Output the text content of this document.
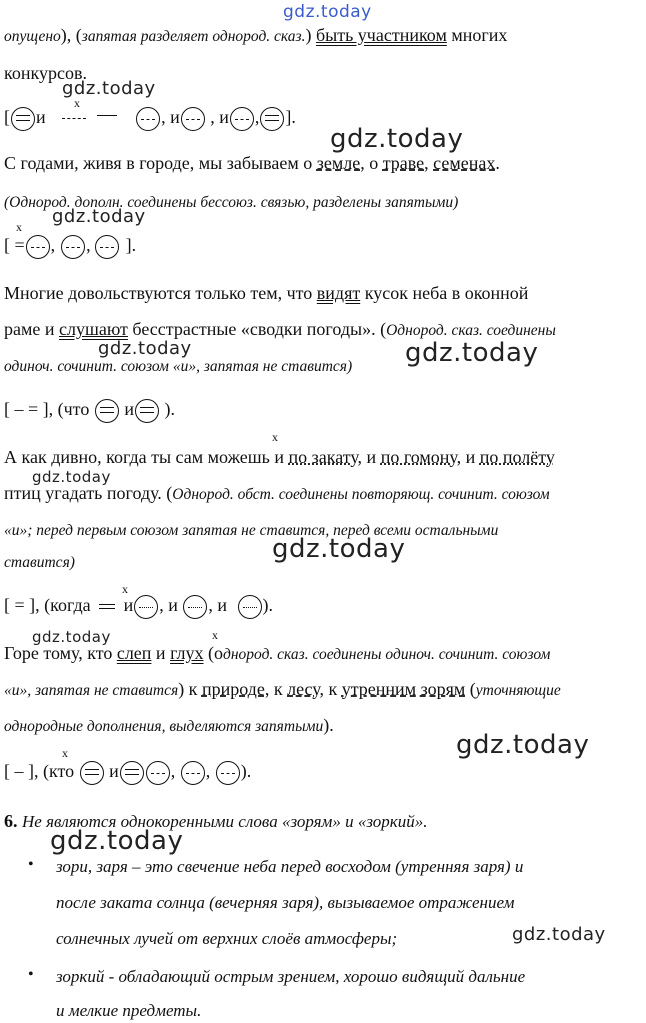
gdz.today
gdz.today
gdz.today
gdz.today
gdz.today	gdz.today
gdz.today
gdz.today
gdz.today
gdz.today
gdz.today
gdz.today
опущено), (запятая разделяет однород. сказ.) быть участником многих
конкурсов.
x
[ и	, и , и , ].
С годами, живя в городе, мы забываем о земле, о траве, семенах.
(Однород. дополн. соединены бессоюз. связью, разделены запятыми)
x
[ = , , ].
Многие довольствуются только тем, что видят кусок неба в оконной
раме и слушают бесстрастные «сводки погоды». (Однород. сказ. соединены
одиноч. сочинит. союзом «и», запятая не ставится)
[ – = ], (что и ).
x
А как дивно, когда ты сам можешь и по закату, и по гомону, и по полёту
птиц угадать погоду. (Однород. обст. соединены повторяющ. сочинит. союзом
«и»; перед первым союзом запятая не ставится, перед всеми остальными
ставится)
x
[ = ], (когда и , и , и ).
x
Горе тому, кто слеп и глух (однород. сказ. соединены одиноч. сочинит. союзом
«и», запятая не ставится) к природе, к лесу, к утренним зорям (уточняющие
однородные дополнения, выделяются запятыми).
x
[ – ], (кто и	, , ).
6. Не являются однокоренными слова «зорям» и «зоркий».
• зори, заря – это свечение неба перед восходом (утренняя заря) и
после заката солнца (вечерняя заря), вызываемое отражением
солнечных лучей от верхних слоёв атмосферы;
• зоркий - обладающий острым зрением, хорошо видящий дальние
и мелкие предметы.
